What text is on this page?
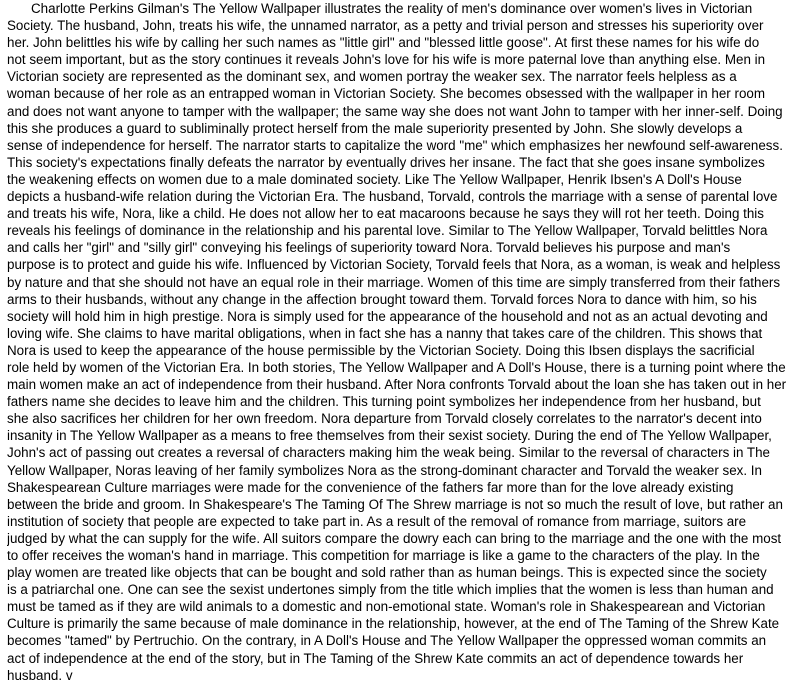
Charlotte Perkins Gilman's The Yellow Wallpaper illustrates the reality of men's dominance over women's lives in Victorian
Society. The husband, John, treats his wife, the unnamed narrator, as a petty and trivial person and stresses his superiority over
her. John belittles his wife by calling her such names as "little girl" and "blessed little goose". At first these names for his wife do
not seem important, but as the story continues it reveals John's love for his wife is more paternal love than anything else. Men in
Victorian society are represented as the dominant sex, and women portray the weaker sex. The narrator feels helpless as a
woman because of her role as an entrapped woman in Victorian Society. She becomes obsessed with the wallpaper in her room
and does not want anyone to tamper with the wallpaper; the same way she does not want John to tamper with her inner-self. Doing
this she produces a guard to subliminally protect herself from the male superiority presented by John. She slowly develops a
sense of independence for herself. The narrator starts to capitalize the word "me" which emphasizes her newfound self-awareness.
This society's expectations finally defeats the narrator by eventually drives her insane. The fact that she goes insane symbolizes
the weakening effects on women due to a male dominated society. Like The Yellow Wallpaper, Henrik Ibsen's A Doll's House
depicts a husband-wife relation during the Victorian Era. The husband, Torvald, controls the marriage with a sense of parental love
and treats his wife, Nora, like a child. He does not allow her to eat macaroons because he says they will rot her teeth. Doing this
reveals his feelings of dominance in the relationship and his parental love. Similar to The Yellow Wallpaper, Torvald belittles Nora
and calls her "girl" and "silly girl" conveying his feelings of superiority toward Nora. Torvald believes his purpose and man's
purpose is to protect and guide his wife. Influenced by Victorian Society, Torvald feels that Nora, as a woman, is weak and helpless
by nature and that she should not have an equal role in their marriage. Women of this time are simply transferred from their fathers
arms to their husbands, without any change in the affection brought toward them. Torvald forces Nora to dance with him, so his
society will hold him in high prestige. Nora is simply used for the appearance of the household and not as an actual devoting and
loving wife. She claims to have marital obligations, when in fact she has a nanny that takes care of the children. This shows that
Nora is used to keep the appearance of the house permissible by the Victorian Society. Doing this Ibsen displays the sacrificial
role held by women of the Victorian Era. In both stories, The Yellow Wallpaper and A Doll's House, there is a turning point where the
main women make an act of independence from their husband. After Nora confronts Torvald about the loan she has taken out in her
fathers name she decides to leave him and the children. This turning point symbolizes her independence from her husband, but
she also sacrifices her children for her own freedom. Nora departure from Torvald closely correlates to the narrator's decent into
insanity in The Yellow Wallpaper as a means to free themselves from their sexist society. During the end of The Yellow Wallpaper,
John's act of passing out creates a reversal of characters making him the weak being. Similar to the reversal of characters in The
Yellow Wallpaper, Noras leaving of her family symbolizes Nora as the strong-dominant character and Torvald the weaker sex. In
Shakespearean Culture marriages were made for the convenience of the fathers far more than for the love already existing
between the bride and groom. In Shakespeare's The Taming Of The Shrew marriage is not so much the result of love, but rather an
institution of society that people are expected to take part in. As a result of the removal of romance from marriage, suitors are
judged by what the can supply for the wife. All suitors compare the dowry each can bring to the marriage and the one with the most
to offer receives the woman's hand in marriage. This competition for marriage is like a game to the characters of the play. In the
play women are treated like objects that can be bought and sold rather than as human beings. This is expected since the society
is a patriarchal one. One can see the sexist undertones simply from the title which implies that the women is less than human and
must be tamed as if they are wild animals to a domestic and non-emotional state. Woman's role in Shakespearean and Victorian
Culture is primarily the same because of male dominance in the relationship, however, at the end of The Taming of the Shrew Kate
becomes "tamed" by Pertruchio. On the contrary, in A Doll's House and The Yellow Wallpaper the oppressed woman commits an
act of independence at the end of the story, but in The Taming of the Shrew Kate commits an act of dependence towards her
husband. v
